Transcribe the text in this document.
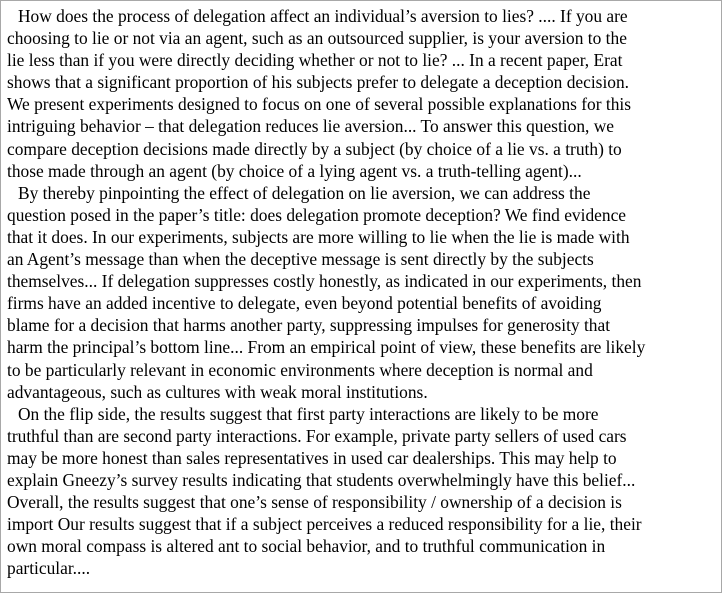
How does the process of delegation affect an individual’s aversion to lies? .... If you are
choosing to lie or not via an agent, such as an outsourced supplier, is your aversion to the
lie less than if you were directly deciding whether or not to lie? ... In a recent paper, Erat
shows that a significant proportion of his subjects prefer to delegate a deception decision.
We present experiments designed to focus on one of several possible explanations for this
intriguing behavior – that delegation reduces lie aversion... To answer this question, we
compare deception decisions made directly by a subject (by choice of a lie vs. a truth) to
those made through an agent (by choice of a lying agent vs. a truth-telling agent)...

By thereby pinpointing the effect of delegation on lie aversion, we can address the
question posed in the paper’s title: does delegation promote deception? We find evidence
that it does. In our experiments, subjects are more willing to lie when the lie is made with
an Agent’s message than when the deceptive message is sent directly by the subjects
themselves... If delegation suppresses costly honestly, as indicated in our experiments, then
firms have an added incentive to delegate, even beyond potential benefits of avoiding
blame for a decision that harms another party, suppressing impulses for generosity that
harm the principal’s bottom line... From an empirical point of view, these benefits are likely
to be particularly relevant in economic environments where deception is normal and
advantageous, such as cultures with weak moral institutions.

On the flip side, the results suggest that first party interactions are likely to be more
truthful than are second party interactions. For example, private party sellers of used cars
may be more honest than sales representatives in used car dealerships. This may help to
explain Gneezy’s survey results indicating that students overwhelmingly have this belief...
Overall, the results suggest that one’s sense of responsibility / ownership of a decision is
import Our results suggest that if a subject perceives a reduced responsibility for a lie, their
own moral compass is altered ant to social behavior, and to truthful communication in
particular....
